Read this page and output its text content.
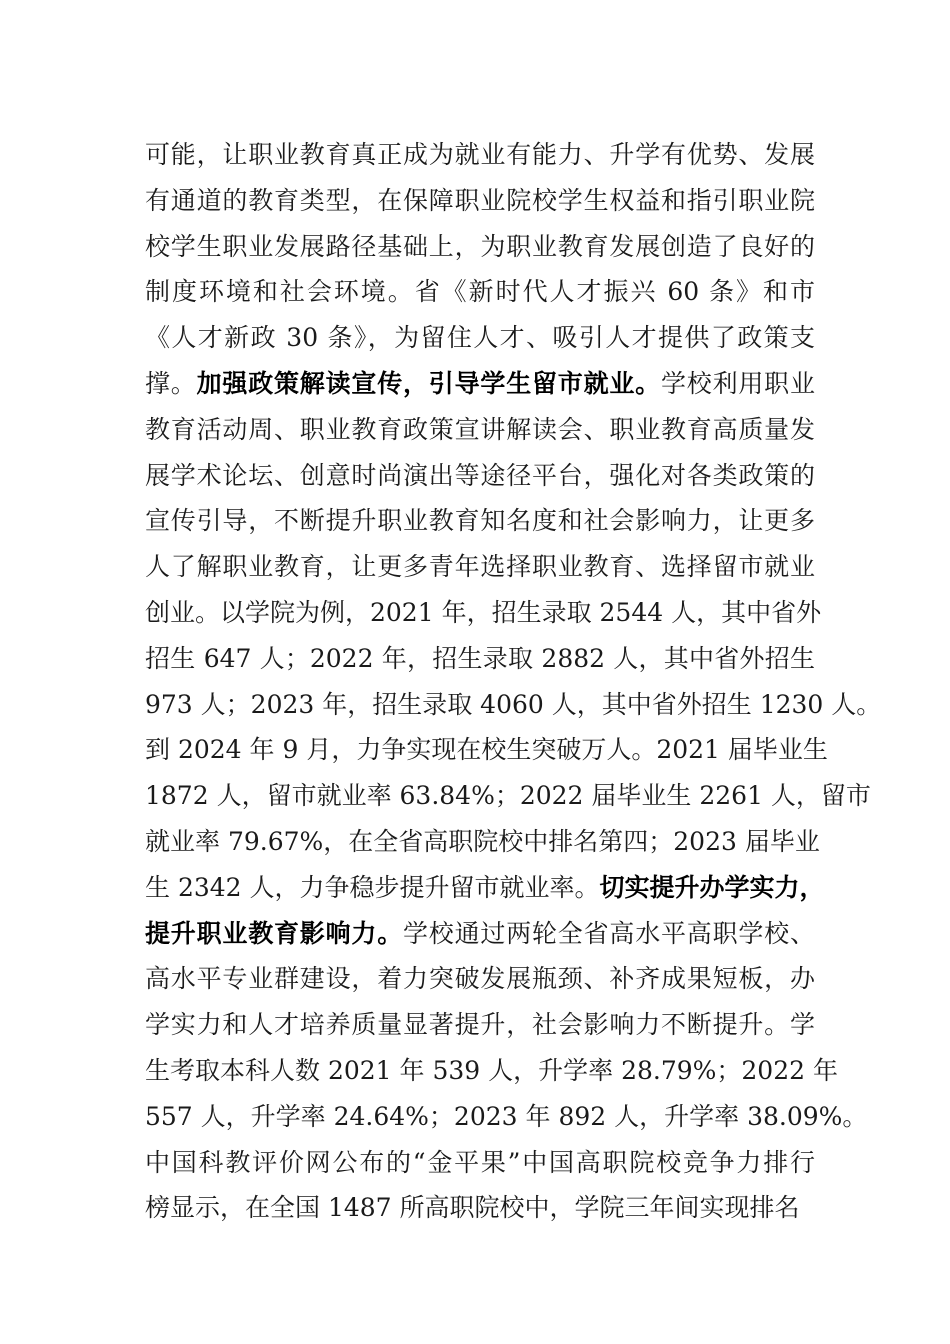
可能，让职业教育真正成为就业有能力、升学有优势、发展
有通道的教育类型，在保障职业院校学生权益和指引职业院
校学生职业发展路径基础上，为职业教育发展创造了良好的
制度环境和社会环境。省《新时代人才振兴 60 条》和市
《人才新政 30 条》，为留住人才、吸引人才提供了政策支
撑。加强政策解读宣传，引导学生留市就业。学校利用职业
教育活动周、职业教育政策宣讲解读会、职业教育高质量发
展学术论坛、创意时尚演出等途径平台，强化对各类政策的
宣传引导，不断提升职业教育知名度和社会影响力，让更多
人了解职业教育，让更多青年选择职业教育、选择留市就业
创业。以学院为例，2021 年，招生录取 2544 人，其中省外
招生 647 人；2022 年，招生录取 2882 人，其中省外招生
973 人；2023 年，招生录取 4060 人，其中省外招生 1230 人。
到 2024 年 9 月，力争实现在校生突破万人。2021 届毕业生
1872 人，留市就业率 63.84%；2022 届毕业生 2261 人，留市
就业率 79.67%，在全省高职院校中排名第四；2023 届毕业
生 2342 人，力争稳步提升留市就业率。切实提升办学实力，
提升职业教育影响力。学校通过两轮全省高水平高职学校、
高水平专业群建设，着力突破发展瓶颈、补齐成果短板，办
学实力和人才培养质量显著提升，社会影响力不断提升。学
生考取本科人数 2021 年 539 人，升学率 28.79%；2022 年
557 人，升学率 24.64%；2023 年 892 人，升学率 38.09%。
中国科教评价网公布的“金平果”中国高职院校竞争力排行
榜显示，在全国 1487 所高职院校中，学院三年间实现排名
